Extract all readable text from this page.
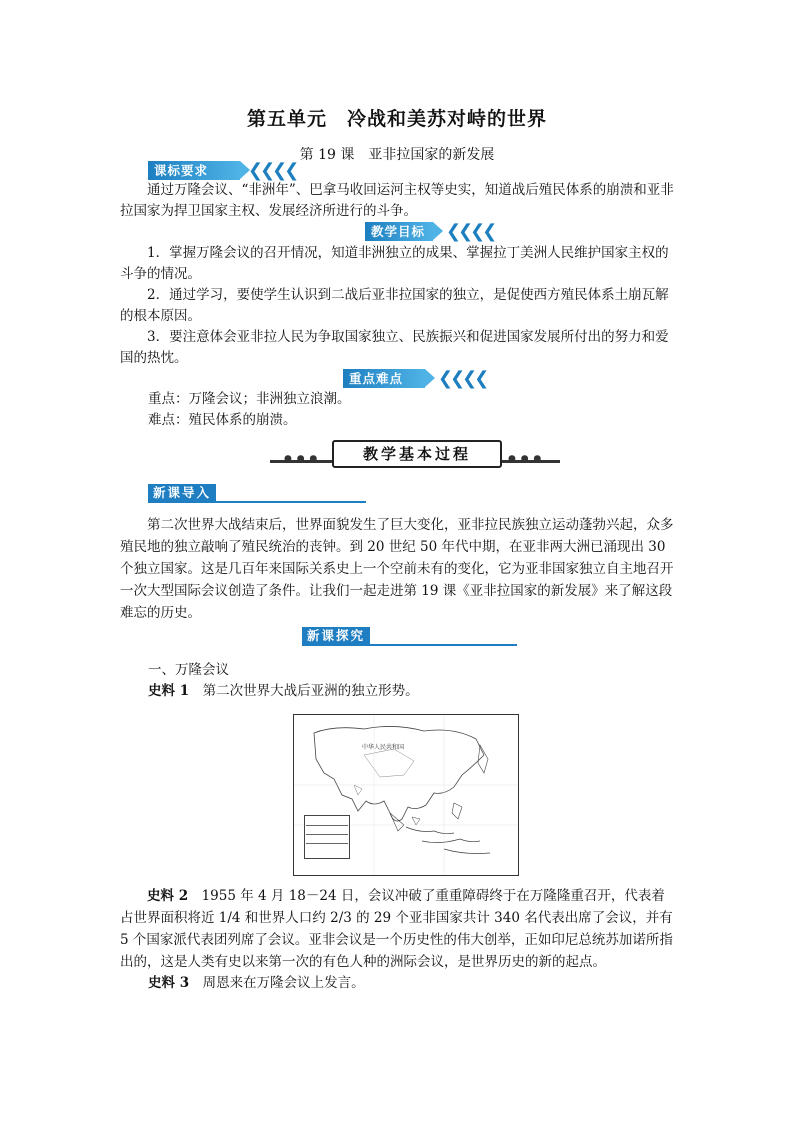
第五单元　冷战和美苏对峙的世界
第 19 课　亚非拉国家的新发展
课标要求	❮❮❮❮

通过万隆会议、“非洲年”、巴拿马收回运河主权等史实，知道战后殖民体系的崩溃和亚非拉国家为捍卫国家主权、发展经济所进行的斗争。

教学目标	❮❮❮❮

1．掌握万隆会议的召开情况，知道非洲独立的成果、掌握拉丁美洲人民维护国家主权的斗争的情况。

2．通过学习，要使学生认识到二战后亚非拉国家的独立，是促使西方殖民体系土崩瓦解的根本原因。

3．要注意体会亚非拉人民为争取国家独立、民族振兴和促进国家发展所付出的努力和爱国的热忱。

重点难点	❮❮❮❮

重点：万隆会议；非洲独立浪潮。

难点：殖民体系的崩溃。

● ● ●	● ● ●
教学基本过程
新课导入

第二次世界大战结束后，世界面貌发生了巨大变化，亚非拉民族独立运动蓬勃兴起，众多殖民地的独立敲响了殖民统治的丧钟。到 20 世纪 50 年代中期，在亚非两大洲已涌现出 30 个独立国家。这是几百年来国际关系史上一个空前未有的变化，它为亚非国家独立自主地召开一次大型国际会议创造了条件。让我们一起走进第 19 课《亚非拉国家的新发展》来了解这段难忘的历史。

新课探究

一、万隆会议

史料 1　 第二次世界大战后亚洲的独立形势。

中华人民共和国

史料 2　 1955 年 4 月 18－24 日，会议冲破了重重障碍终于在万隆隆重召开，代表着占世界面积将近 1/4 和世界人口约 2/3 的 29 个亚非国家共计 340 名代表出席了会议，并有 5 个国家派代表团列席了会议。亚非会议是一个历史性的伟大创举，正如印尼总统苏加诺所指出的，这是人类有史以来第一次的有色人种的洲际会议，是世界历史的新的起点。

史料 3　 周恩来在万隆会议上发言。
